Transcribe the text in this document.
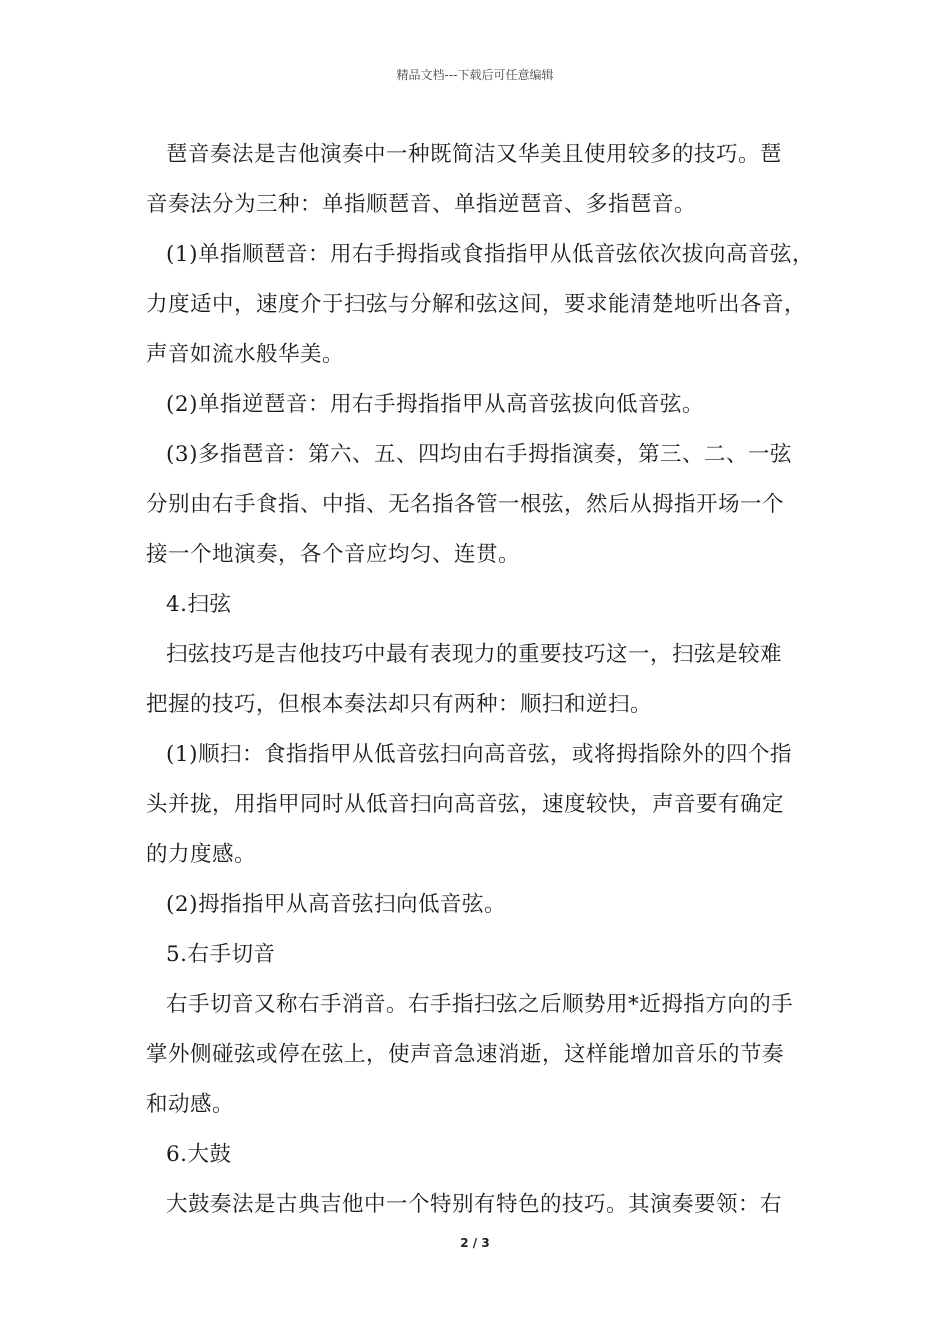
精品文档---下载后可任意编辑
琶音奏法是吉他演奏中一种既简洁又华美且使用较多的技巧。琶
音奏法分为三种：单指顺琶音、单指逆琶音、多指琶音。
(1)单指顺琶音：用右手拇指或食指指甲从低音弦依次拔向高音弦，
力度适中，速度介于扫弦与分解和弦这间，要求能清楚地听出各音，
声音如流水般华美。
(2)单指逆琶音：用右手拇指指甲从高音弦拔向低音弦。
(3)多指琶音：第六、五、四均由右手拇指演奏，第三、二、一弦
分别由右手食指、中指、无名指各管一根弦，然后从拇指开场一个
接一个地演奏，各个音应均匀、连贯。
4.扫弦
扫弦技巧是吉他技巧中最有表现力的重要技巧这一，扫弦是较难
把握的技巧，但根本奏法却只有两种：顺扫和逆扫。
(1)顺扫：食指指甲从低音弦扫向高音弦，或将拇指除外的四个指
头并拢，用指甲同时从低音扫向高音弦，速度较快，声音要有确定
的力度感。
(2)拇指指甲从高音弦扫向低音弦。
5.右手切音
右手切音又称右手消音。右手指扫弦之后顺势用*近拇指方向的手
掌外侧碰弦或停在弦上，使声音急速消逝，这样能增加音乐的节奏
和动感。
6.大鼓
大鼓奏法是古典吉他中一个特别有特色的技巧。其演奏要领：右
2 / 3
